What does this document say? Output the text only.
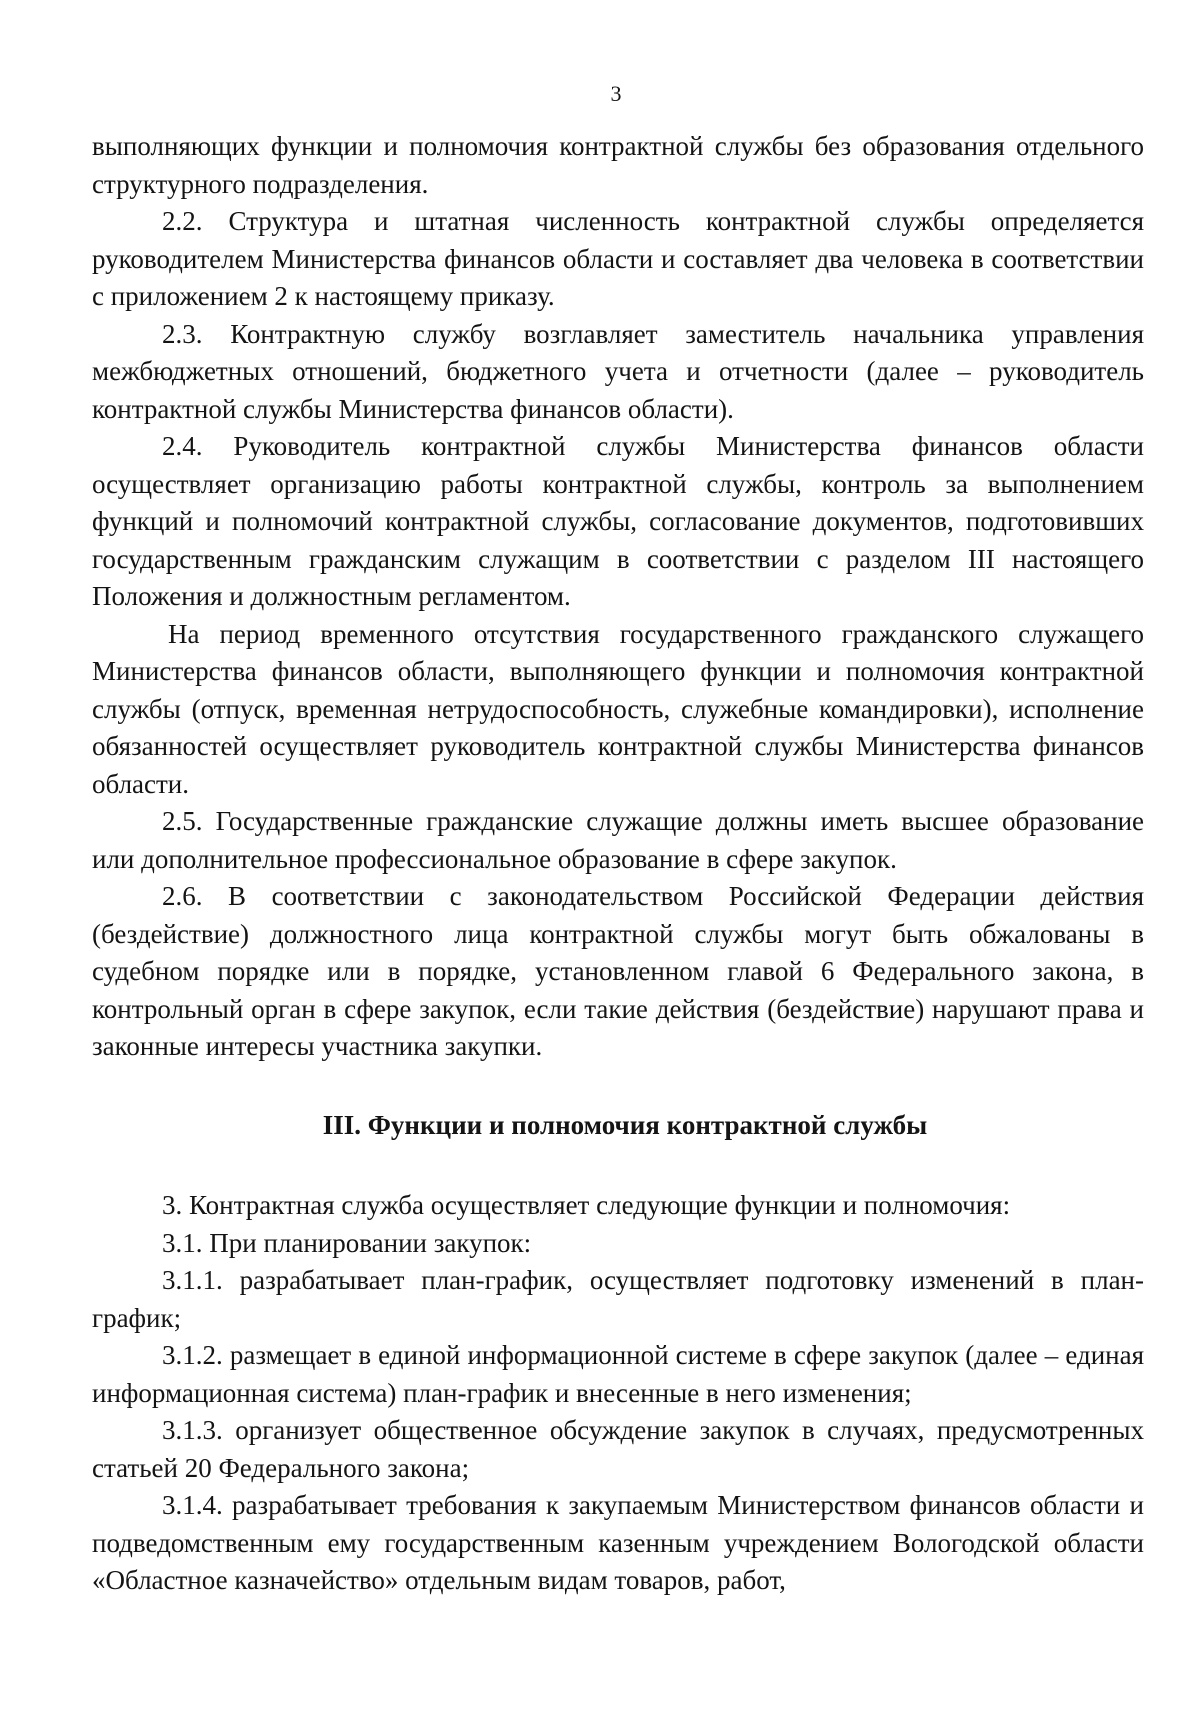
3

выполняющих функции и полномочия контрактной службы без образования отдельного структурного подразделения.

2.2. Структура и штатная численность контрактной службы определяется руководителем Министерства финансов области и составляет два человека в соответствии с приложением 2 к настоящему приказу.

2.3. Контрактную службу возглавляет заместитель начальника управления межбюджетных отношений, бюджетного учета и отчетности (далее – руководитель контрактной службы Министерства финансов области).

2.4. Руководитель контрактной службы Министерства финансов области осуществляет организацию работы контрактной службы, контроль за выполнением функций и полномочий контрактной службы, согласование документов, подготовивших государственным гражданским служащим в соответствии с разделом III настоящего Положения и должностным регламентом.

На период временного отсутствия государственного гражданского служащего Министерства финансов области, выполняющего функции и полномочия контрактной службы (отпуск, временная нетрудоспособность, служебные командировки), исполнение обязанностей осуществляет руководитель контрактной службы Министерства финансов области.

2.5. Государственные гражданские служащие должны иметь высшее образование или дополнительное профессиональное образование в сфере закупок.

2.6. В соответствии с законодательством Российской Федерации действия (бездействие) должностного лица контрактной службы могут быть обжалованы в судебном порядке или в порядке, установленном главой 6 Федерального закона, в контрольный орган в сфере закупок, если такие действия (бездействие) нарушают права и законные интересы участника закупки.

III. Функции и полномочия контрактной службы

3. Контрактная служба осуществляет следующие функции и полномочия:

3.1. При планировании закупок:

3.1.1. разрабатывает план-график, осуществляет подготовку изменений в план-график;

3.1.2. размещает в единой информационной системе в сфере закупок (далее – единая информационная система) план-график и внесенные в него изменения;

3.1.3. организует общественное обсуждение закупок в случаях, предусмотренных статьей 20 Федерального закона;

3.1.4. разрабатывает требования к закупаемым Министерством финансов области и подведомственным ему государственным казенным учреждением Вологодской области «Областное казначейство» отдельным видам товаров, работ,
